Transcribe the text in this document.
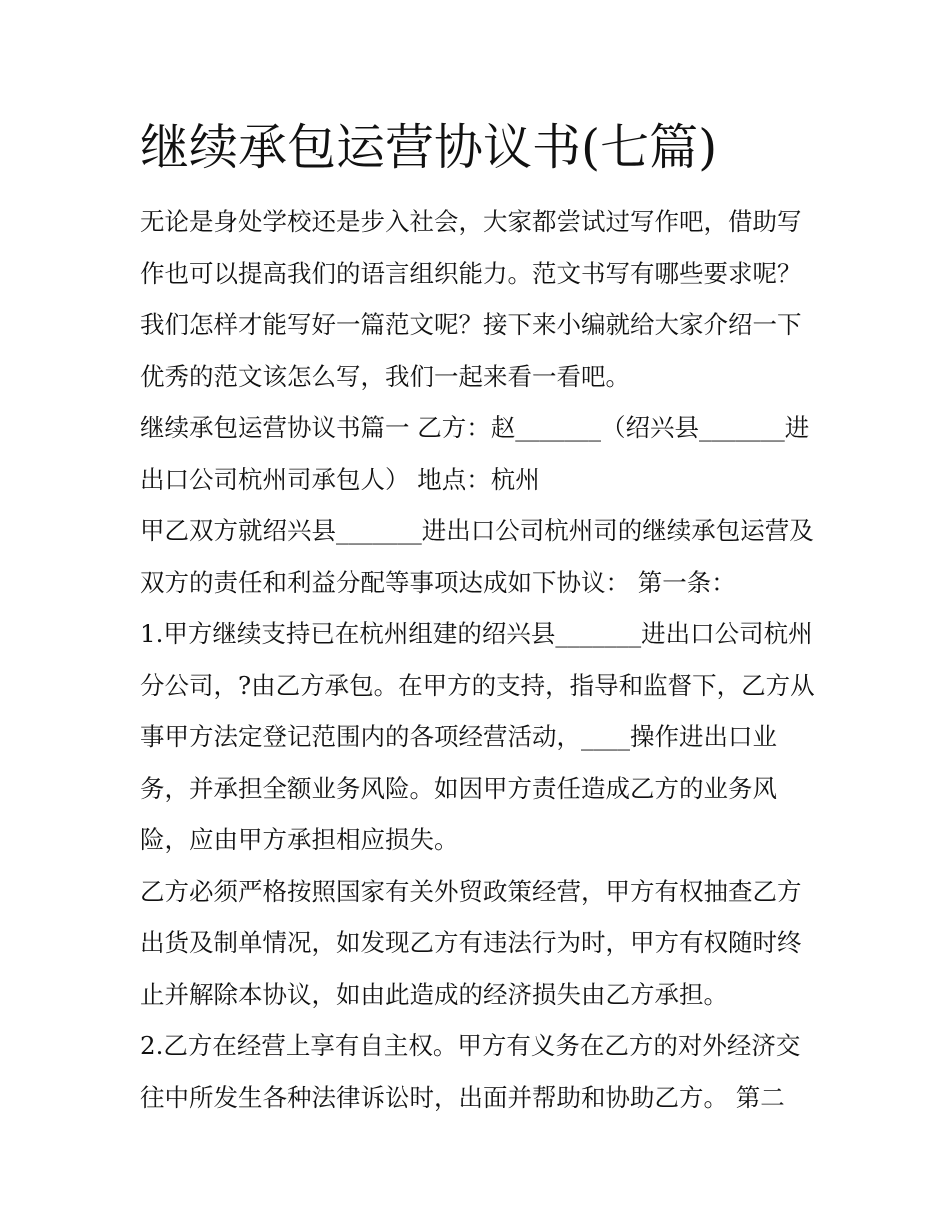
继续承包运营协议书(七篇)

无论是身处学校还是步入社会，大家都尝试过写作吧，借助写作也可以提高我们的语言组织能力。范文书写有哪些要求呢？我们怎样才能写好一篇范文呢？接下来小编就给大家介绍一下优秀的范文该怎么写，我们一起来看一看吧。

继续承包运营协议书篇一 乙方：赵_______（绍兴县_______进出口公司杭州司承包人） 地点：杭州

甲乙双方就绍兴县_______进出口公司杭州司的继续承包运营及双方的责任和利益分配等事项达成如下协议： 第一条：

1.甲方继续支持已在杭州组建的绍兴县_______进出口公司杭州分公司，?由乙方承包。在甲方的支持，指导和监督下，乙方从事甲方法定登记范围内的各项经营活动，____操作进出口业务，并承担全额业务风险。如因甲方责任造成乙方的业务风险，应由甲方承担相应损失。

乙方必须严格按照国家有关外贸政策经营，甲方有权抽查乙方出货及制单情况，如发现乙方有违法行为时，甲方有权随时终止并解除本协议，如由此造成的经济损失由乙方承担。

2.乙方在经营上享有自主权。甲方有义务在乙方的对外经济交往中所发生各种法律诉讼时，出面并帮助和协助乙方。 第二
